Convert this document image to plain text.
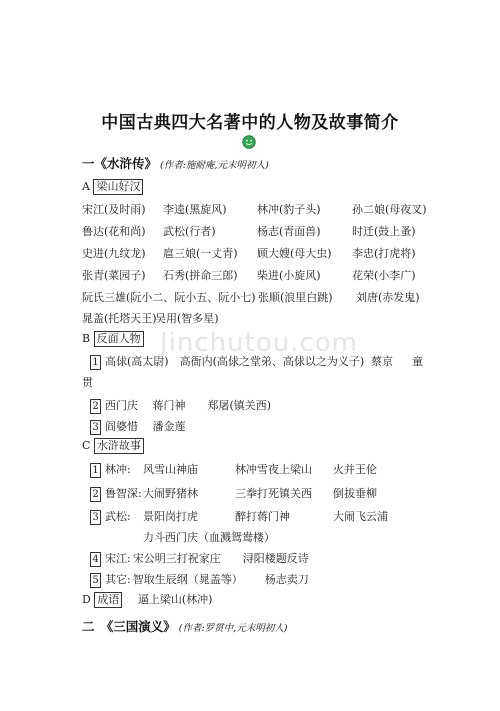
Jinchutou.com
中国古典四大名著中的人物及故事简介
一《水浒传》 (作者:施耐庵,元末明初人)
A 梁山好汉
宋江(及时雨) 李逵(黑旋风)	林冲(豹子头)	孙二娘(母夜叉)
鲁达(花和尚) 武松(行者)	杨志(青面兽)	时迁(鼓上蚤)
史进(九纹龙) 扈三娘(一丈青) 顾大嫂(母大虫) 李忠(打虎将)
张青(菜园子) 石秀(拼命三郎) 柴进(小旋风)	花荣(小李广)
阮氏三雄(阮小二、阮小五、阮小七) 张顺(浪里白跳) 刘唐(赤发鬼)
晁盖(托塔天王)
吴用(智多星)
B 反面人物
1 高俅(高太尉)　高衙内(高俅之堂弟、高俅以之为义子) 蔡京 童
贯
2 西门庆　 蒋门神　　郑屠(镇关西)
3 阎婆惜　 潘金莲
C 水浒故事
1 林冲: 风雪山神庙	林冲雪夜上梁山 火并王伦
2 鲁智深: 大闹野猪林	三拳打死镇关西 倒拔垂柳
3 武松: 景阳岗打虎	醉打蒋门神	大闹飞云浦
力斗西门庆（血溅鸳鸯楼）
4 宋江: 宋公明三打祝家庄 浔阳楼题反诗
5 其它: 智取生辰纲（晁盖等） 杨志卖刀
D 成语 逼上梁山(林冲)
二　《三国演义》 (作者:罗贯中,元末明初人)
